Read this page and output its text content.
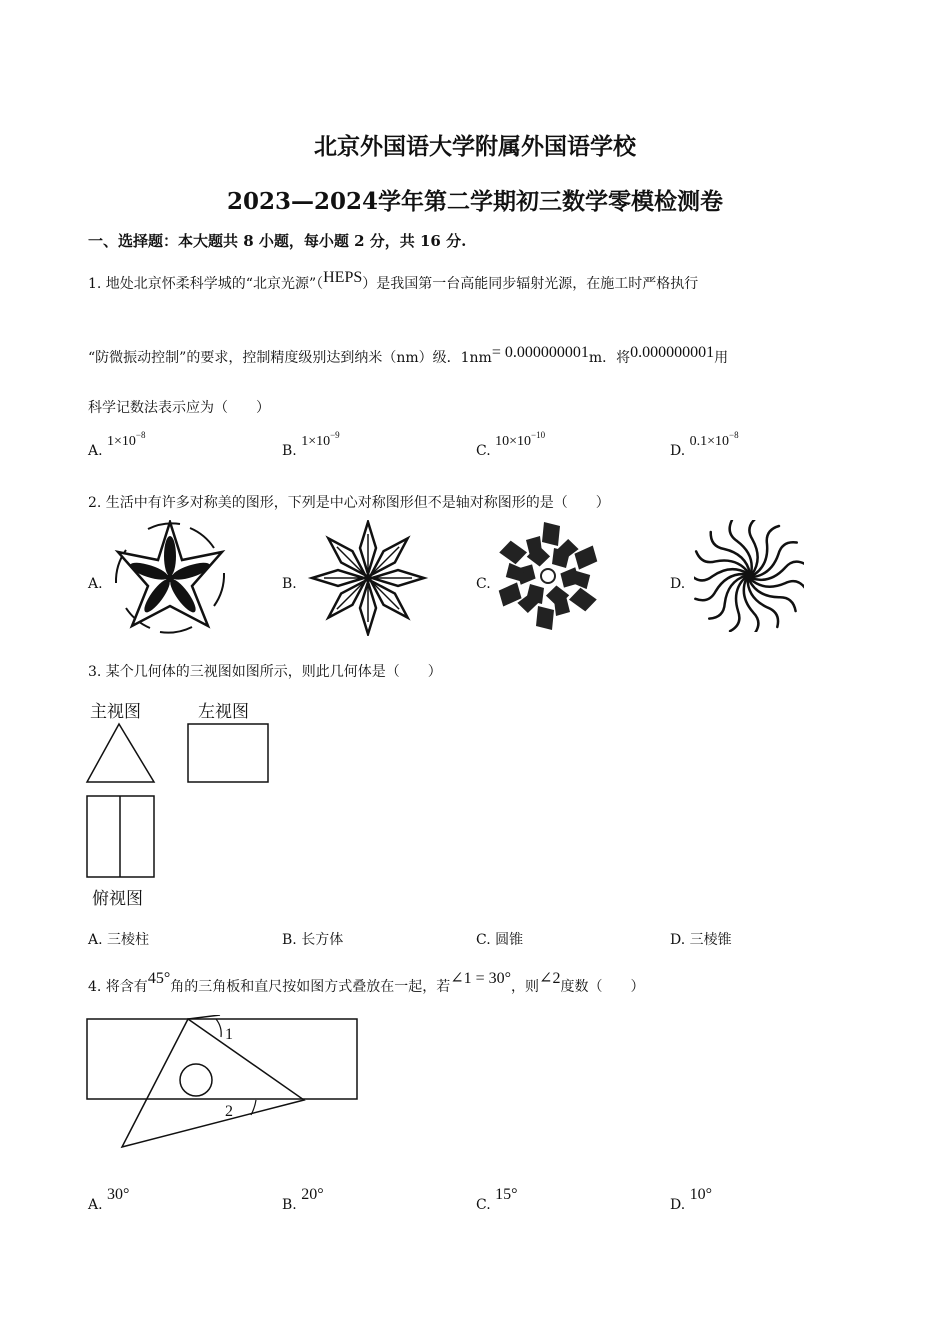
北京外国语大学附属外国语学校
2023—2024学年第二学期初三数学零模检测卷
一、选择题：本大题共 8 小题，每小题 2 分，共 16 分.
1. 地处北京怀柔科学城的“北京光源”（HEPS）是我国第一台高能同步辐射光源，在施工时严格执行
“防微振动控制”的要求，控制精度级别达到纳米（nm）级．1nm= 0.000000001m．将0.000000001用
科学记数法表示应为（　　）
A. $1\times 10^{-8}$
B. $1\times 10^{-9}$
C. $10\times 10^{-10}$
D. $0.1\times 10^{-8}$
2. 生活中有许多对称美的图形，下列是中心对称图形但不是轴对称图形的是（　　）
A.	B.	C.	D.
3. 某个几何体的三视图如图所示，则此几何体是（　　）
主视图	左视图
俯视图
A. 三棱柱	B. 长方体	C. 圆锥	D. 三棱锥
4. 将含有45°角的三角板和直尺按如图方式叠放在一起，若∠1 = 30°，则∠2度数（　　）
1
2
A. 30°
B. 20°
C. 15°
D. 10°
